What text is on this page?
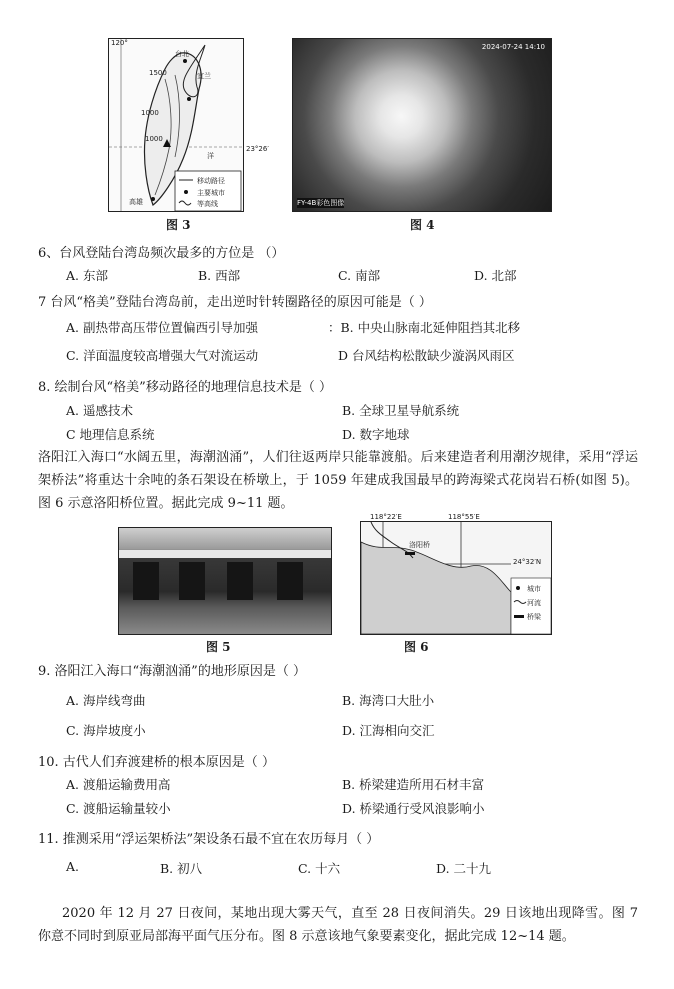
120°
台北
宜兰
1500
1000
1000
洋
高雄
移动路径
主要城市
等高线
23°26′
图 3
2024-07-24 14:10
FY-4B彩色图像
图 4
6、台风登陆台湾岛频次最多的方位是 （）
A. 东部	B. 西部	C. 南部	D. 北部
7 台风“格美”登陆台湾岛前，走出逆时针转圈路径的原因可能是（ ）
A. 副热带高压带位置偏西引导加强	：B. 中央山脉南北延伸阻挡其北移
C. 洋面温度较高增强大气对流运动	D 台风结构松散缺少漩涡风雨区
8. 绘制台风“格美”移动路径的地理信息技术是（ ）
A. 遥感技术	B. 全球卫星导航系统
C 地理信息系统	D. 数字地球
洛阳江入海口“水阔五里，海潮汹涌”，人们往返两岸只能靠渡船。后来建造者利用潮汐规律，采用“浮运架桥法”将重达十余吨的条石架设在桥墩上，于 1059 年建成我国最早的跨海梁式花岗岩石桥(如图 5)。图 6 示意洛阳桥位置。据此完成 9~11 题。
图 5
洛阳桥
城市
河流
桥梁
24°32′N
118°22′E	118°55′E
图 6
9. 洛阳江入海口“海潮汹涌”的地形原因是（ ）
A. 海岸线弯曲	B. 海湾口大肚小
C. 海岸坡度小	D. 江海相向交汇
10. 古代人们弃渡建桥的根本原因是（ ）
A. 渡船运输费用高	B. 桥梁建造所用石材丰富
C. 渡船运输量较小	D. 桥梁通行受风浪影响小
11. 推测采用“浮运架桥法”架设条石最不宜在农历每月（ ）
A.	B. 初八	C. 十六	D. 二十九
2020 年 12 月 27 日夜间，某地出现大雾天气，直至 28 日夜间消失。29 日该地出现降雪。图 7 你意不同时到原亚局部海平面气压分布。图 8 示意该地气象要素变化，据此完成 12~14 题。
